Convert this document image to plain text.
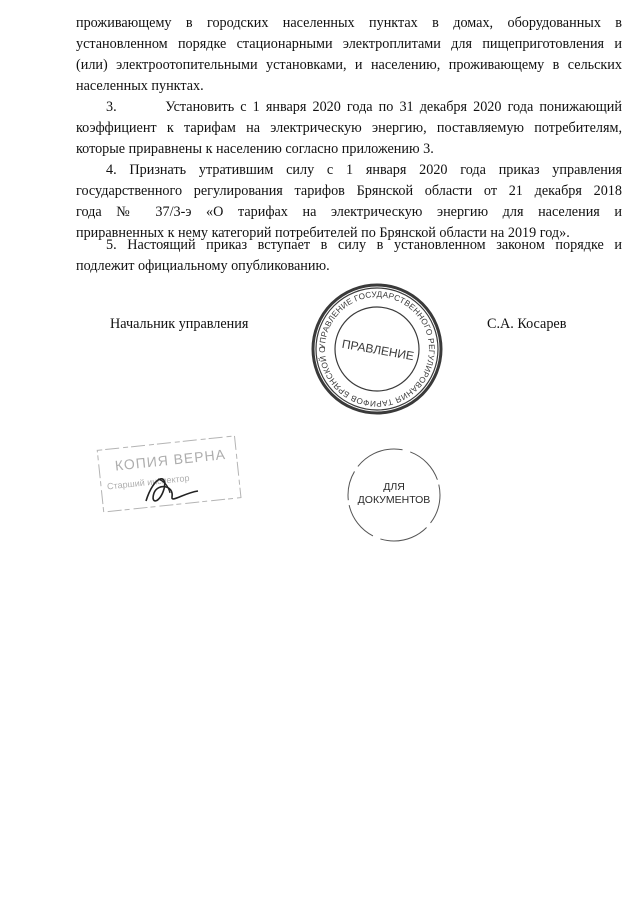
проживающему в городских населенных пунктах в домах, оборудованных в
установленном порядке стационарными электроплитами для пищеприготовления и
(или) электроотопительными установками, и населению, проживающему в сельских
населенных пунктах.
3.        Установить с 1 января 2020 года по 31 декабря 2020 года понижающий
коэффициент к тарифам на электрическую энергию, поставляемую потребителям,
которые приравнены к населению согласно приложению 3.
4. Признать утратившим силу с 1 января 2020 года приказ управления
государственного регулирования тарифов Брянской области от 21 декабря 2018
года № 37/3-э «О тарифах на электрическую энергию для населения и
приравненных к нему категорий потребителей по Брянской области на 2019 год».
5. Настоящий приказ вступает в силу в установленном законом порядке и
подлежит официальному опубликованию.
Начальник управления	С.А. Косарев
УПРАВЛЕНИЕ ГОСУДАРСТВЕННОГО РЕГУЛИРОВАНИЯ ТАРИФОВ БРЯНСКОЙ ОБЛАСТИ
ПРАВЛЕНИЕ
ДЛЯ
ДОКУМЕНТОВ
КОПИЯ ВЕРНА
Старший инспектор
